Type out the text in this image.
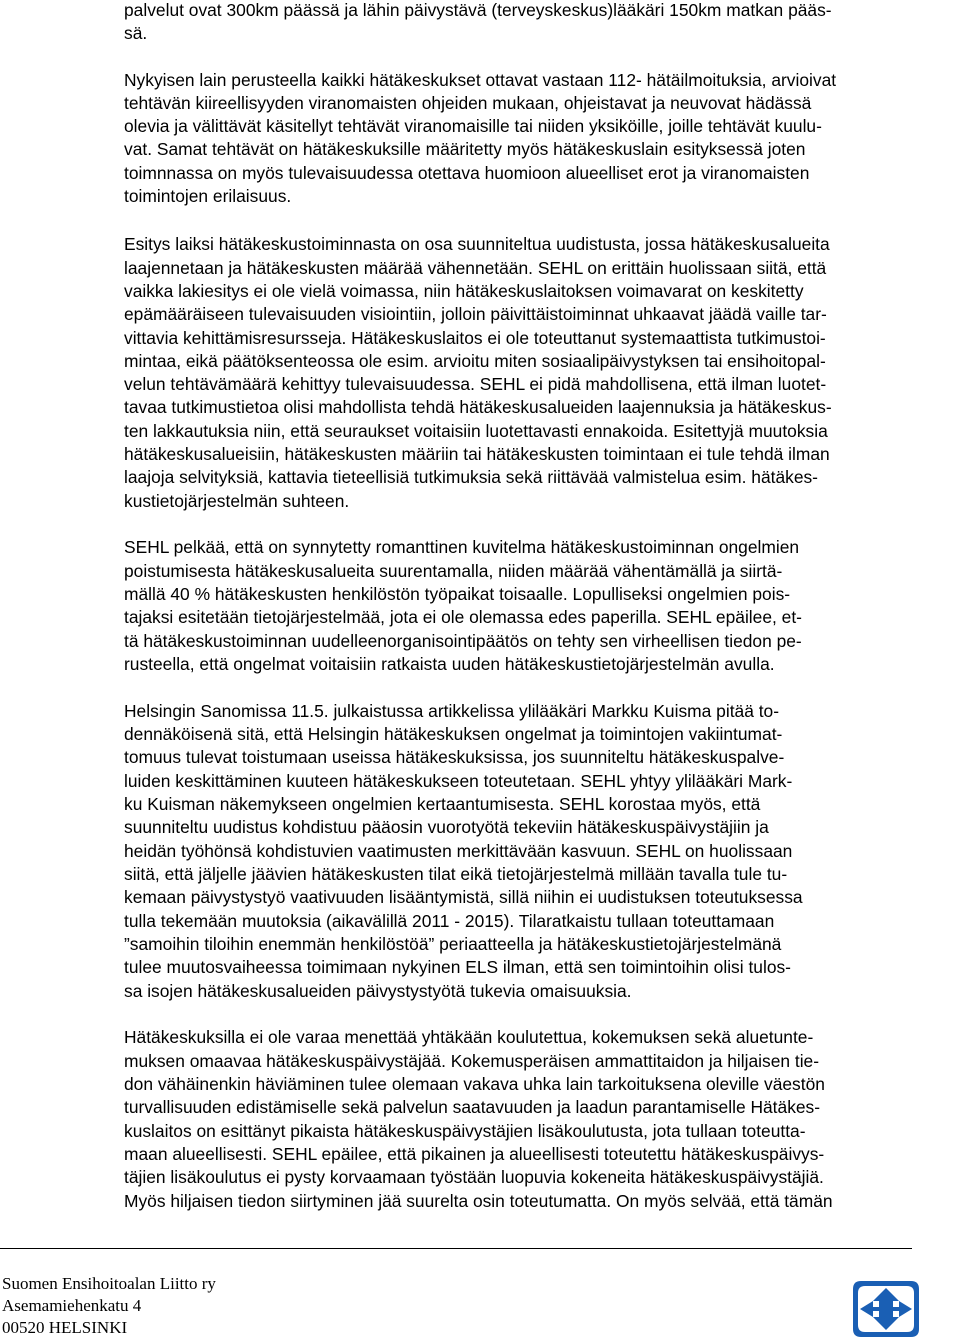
palvelut ovat 300km päässä ja lähin päivystävä (terveyskeskus)lääkäri 150km matkan pääs-
sä.
Nykyisen lain perusteella kaikki hätäkeskukset ottavat vastaan 112- hätäilmoituksia, arvioivat
tehtävän kiireellisyyden viranomaisten ohjeiden mukaan, ohjeistavat ja neuvovat hädässä
olevia ja välittävät käsitellyt tehtävät viranomaisille tai niiden yksiköille, joille tehtävät kuulu-
vat. Samat tehtävät on hätäkeskuksille määritetty myös hätäkeskuslain esityksessä joten
toimnnassa on myös tulevaisuudessa otettava huomioon alueelliset erot ja viranomaisten
toimintojen erilaisuus.
Esitys laiksi hätäkeskustoiminnasta on osa suunniteltua uudistusta, jossa hätäkeskusalueita
laajennetaan ja hätäkeskusten määrää vähennetään. SEHL on erittäin huolissaan siitä, että
vaikka lakiesitys ei ole vielä voimassa, niin hätäkeskuslaitoksen voimavarat on keskitetty
epämääräiseen tulevaisuuden visiointiin, jolloin päivittäistoiminnat uhkaavat jäädä vaille tar-
vittavia kehittämisresursseja. Hätäkeskuslaitos ei ole toteuttanut systemaattista tutkimustoi-
mintaa, eikä päätöksenteossa ole esim. arvioitu miten sosiaalipäivystyksen tai ensihoitopal-
velun tehtävämäärä kehittyy tulevaisuudessa. SEHL ei pidä mahdollisena, että ilman luotet-
tavaa tutkimustietoa olisi mahdollista tehdä hätäkeskusalueiden laajennuksia ja hätäkeskus-
ten lakkautuksia niin, että seuraukset voitaisiin luotettavasti ennakoida. Esitettyjä muutoksia
hätäkeskusalueisiin, hätäkeskusten määriin tai hätäkeskusten toimintaan ei tule tehdä ilman
laajoja selvityksiä, kattavia tieteellisiä tutkimuksia sekä riittävää valmistelua esim. hätäkes-
kustietojärjestelmän suhteen.
SEHL pelkää, että on synnytetty romanttinen kuvitelma hätäkeskustoiminnan ongelmien
poistumisesta hätäkeskusalueita suurentamalla, niiden määrää vähentämällä ja siirtä-
mällä 40 % hätäkeskusten henkilöstön työpaikat toisaalle. Lopulliseksi ongelmien pois-
tajaksi esitetään tietojärjestelmää, jota ei ole olemassa edes paperilla. SEHL epäilee, et-
tä hätäkeskustoiminnan uudelleenorganisointipäätös on tehty sen virheellisen tiedon pe-
rusteella, että ongelmat voitaisiin ratkaista uuden hätäkeskustietojärjestelmän avulla.
Helsingin Sanomissa 11.5. julkaistussa artikkelissa ylilääkäri Markku Kuisma pitää to-
dennäköisenä sitä, että Helsingin hätäkeskuksen ongelmat ja toimintojen vakiintumat-
tomuus tulevat toistumaan useissa hätäkeskuksissa, jos suunniteltu hätäkeskuspalve-
luiden keskittäminen kuuteen hätäkeskukseen toteutetaan. SEHL yhtyy ylilääkäri Mark-
ku Kuisman näkemykseen ongelmien kertaantumisesta. SEHL korostaa myös, että
suunniteltu uudistus kohdistuu pääosin vuorotyötä tekeviin hätäkeskuspäivystäjiin ja
heidän työhönsä kohdistuvien vaatimusten merkittävään kasvuun. SEHL on huolissaan
siitä, että jäljelle jäävien hätäkeskusten tilat eikä tietojärjestelmä millään tavalla tule tu-
kemaan päivystystyö vaativuuden lisääntymistä, sillä niihin ei uudistuksen toteutuksessa
tulla tekemään muutoksia (aikavälillä 2011 - 2015). Tilaratkaistu tullaan toteuttamaan
”samoihin tiloihin enemmän henkilöstöä” periaatteella ja hätäkeskustietojärjestelmänä
tulee muutosvaiheessa toimimaan nykyinen ELS ilman, että sen toimintoihin olisi tulos-
sa isojen hätäkeskusalueiden päivystystyötä tukevia omaisuuksia.
Hätäkeskuksilla ei ole varaa menettää yhtäkään koulutettua, kokemuksen sekä aluetunte-
muksen omaavaa hätäkeskuspäivystäjää. Kokemusperäisen ammattitaidon ja hiljaisen tie-
don vähäinenkin häviäminen tulee olemaan vakava uhka lain tarkoituksena oleville väestön
turvallisuuden edistämiselle sekä palvelun saatavuuden ja laadun parantamiselle Hätäkes-
kuslaitos on esittänyt pikaista hätäkeskuspäivystäjien lisäkoulutusta, jota tullaan toteutta-
maan alueellisesti. SEHL epäilee, että pikainen ja alueellisesti toteutettu hätäkeskuspäivys-
täjien lisäkoulutus ei pysty korvaamaan työstään luopuvia kokeneita hätäkeskuspäivystäjiä.
Myös hiljaisen tiedon siirtyminen jää suurelta osin toteutumatta. On myös selvää, että tämän
Suomen Ensihoitoalan Liitto ry
Asemamiehenkatu 4
00520 HELSINKI
